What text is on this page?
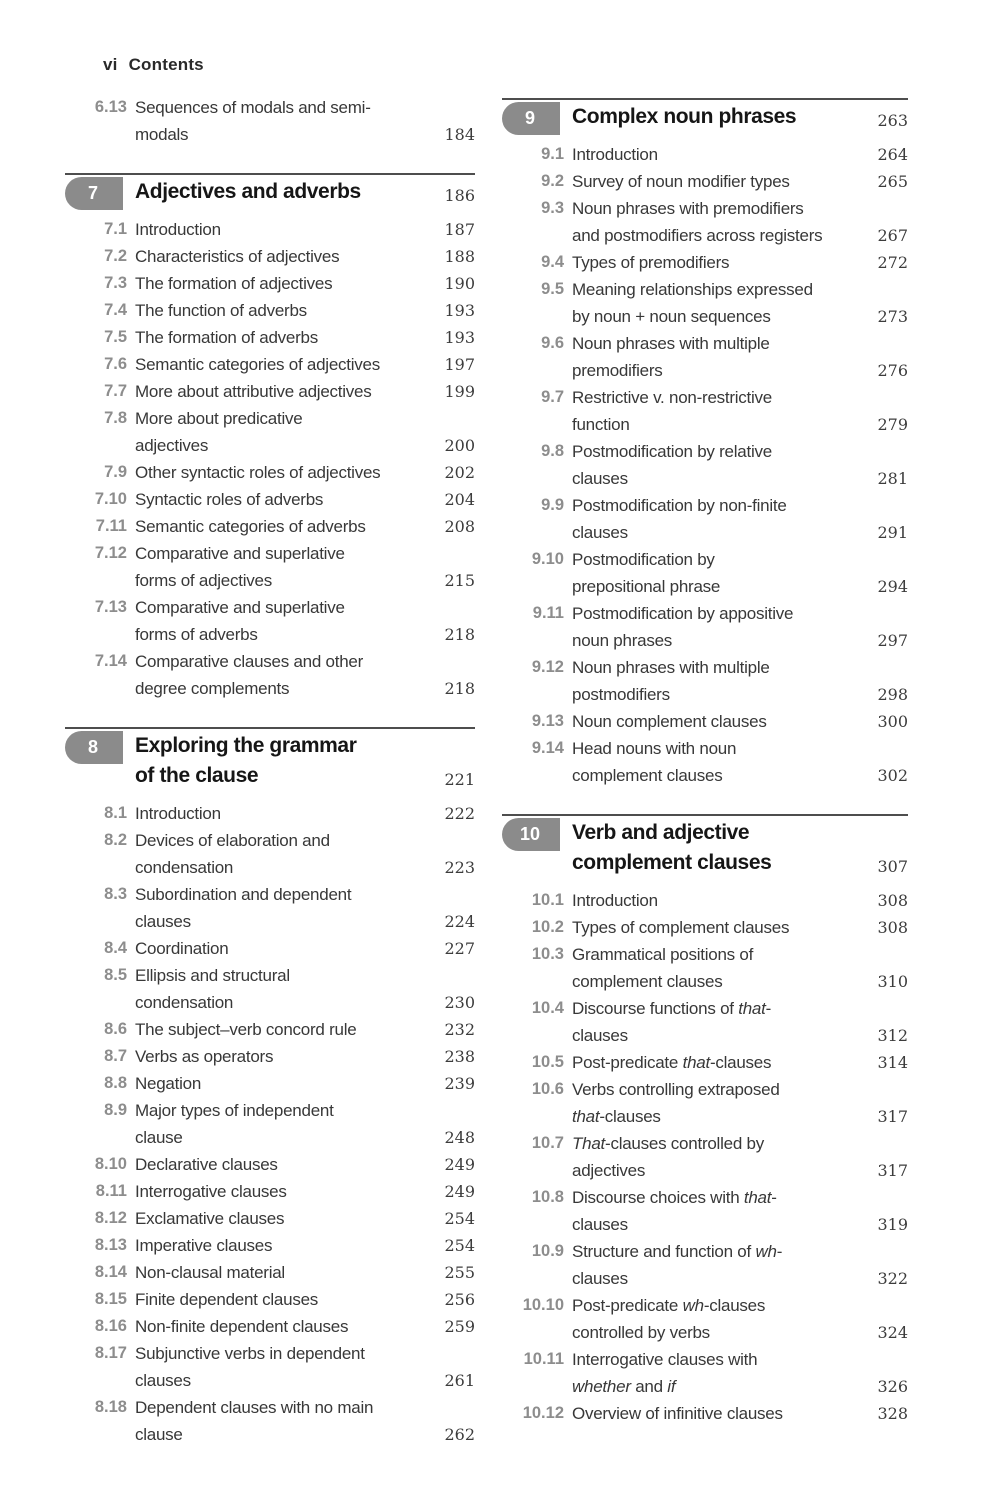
vi Contents
6.13 Sequences of modals and semi-
modals	184
7	Adjectives and adverbs	186
7.1 Introduction	187
7.2 Characteristics of adjectives	188
7.3 The formation of adjectives	190
7.4 The function of adverbs	193
7.5 The formation of adverbs	193
7.6 Semantic categories of adjectives	197
7.7 More about attributive adjectives	199
7.8 More about predicative
adjectives	200
7.9 Other syntactic roles of adjectives	202
7.10 Syntactic roles of adverbs	204
7.11 Semantic categories of adverbs	208
7.12 Comparative and superlative
forms of adjectives	215
7.13 Comparative and superlative
forms of adverbs	218
7.14 Comparative clauses and other
degree complements	218
8	Exploring the grammar
of the clause	221
8.1 Introduction	222
8.2 Devices of elaboration and
condensation	223
8.3 Subordination and dependent
clauses	224
8.4 Coordination	227
8.5 Ellipsis and structural
condensation	230
8.6 The subject–verb concord rule	232
8.7 Verbs as operators	238
8.8 Negation	239
8.9 Major types of independent
clause	248
8.10 Declarative clauses	249
8.11 Interrogative clauses	249
8.12 Exclamative clauses	254
8.13 Imperative clauses	254
8.14 Non-clausal material	255
8.15 Finite dependent clauses	256
8.16 Non-finite dependent clauses	259
8.17 Subjunctive verbs in dependent
clauses	261
8.18 Dependent clauses with no main
clause	262
9	Complex noun phrases	263
9.1 Introduction	264
9.2 Survey of noun modifier types	265
9.3 Noun phrases with premodifiers
and postmodifiers across registers	267
9.4 Types of premodifiers	272
9.5 Meaning relationships expressed
by noun + noun sequences	273
9.6 Noun phrases with multiple
premodifiers	276
9.7 Restrictive v. non-restrictive
function	279
9.8 Postmodification by relative
clauses	281
9.9 Postmodification by non-finite
clauses	291
9.10 Postmodification by
prepositional phrase	294
9.11 Postmodification by appositive
noun phrases	297
9.12 Noun phrases with multiple
postmodifiers	298
9.13 Noun complement clauses	300
9.14 Head nouns with noun
complement clauses	302
10	Verb and adjective
complement clauses	307
10.1 Introduction	308
10.2 Types of complement clauses	308
10.3 Grammatical positions of
complement clauses	310
10.4 Discourse functions of that-
clauses	312
10.5 Post-predicate that-clauses	314
10.6 Verbs controlling extraposed
that-clauses	317
10.7 That-clauses controlled by
adjectives	317
10.8 Discourse choices with that-
clauses	319
10.9 Structure and function of wh-
clauses	322
10.10 Post-predicate wh-clauses
controlled by verbs	324
10.11 Interrogative clauses with
whether and if	326
10.12 Overview of infinitive clauses	328
